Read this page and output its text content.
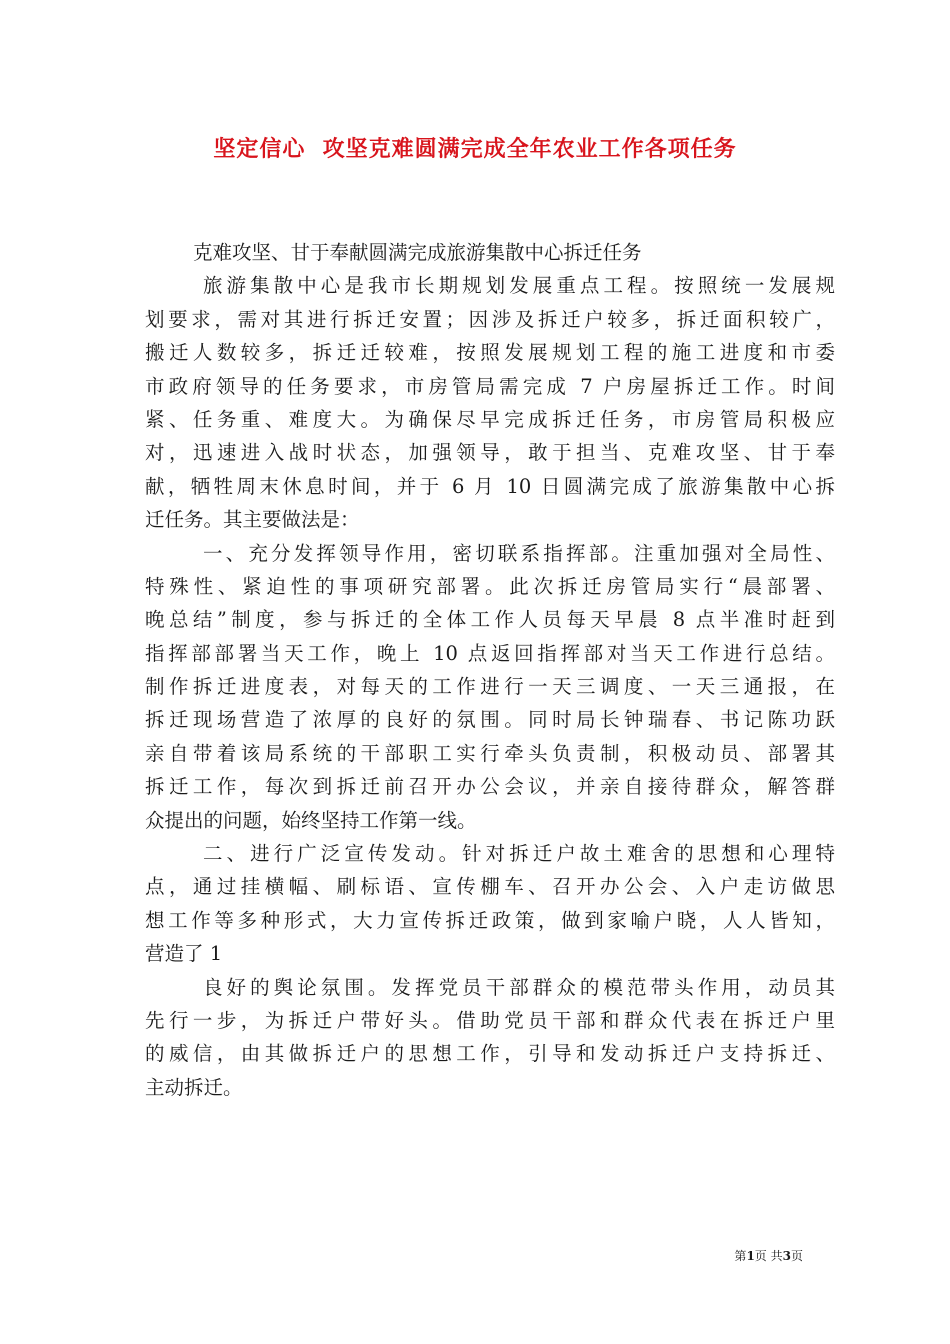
坚定信心  攻坚克难圆满完成全年农业工作各项任务
克难攻坚、甘于奉献圆满完成旅游集散中心拆迁任务
旅游集散中心是我市长期规划发展重点工程。按照统一发展规
划要求，需对其进行拆迁安置；因涉及拆迁户较多，拆迁面积较广，
搬迁人数较多，拆迁迁较难，按照发展规划工程的施工进度和市委
市政府领导的任务要求，市房管局需完成 7 户房屋拆迁工作。时间
紧、任务重、难度大。为确保尽早完成拆迁任务，市房管局积极应
对，迅速进入战时状态，加强领导，敢于担当、克难攻坚、甘于奉
献，牺牲周末休息时间，并于 6 月 10 日圆满完成了旅游集散中心拆
迁任务。其主要做法是：
一、充分发挥领导作用，密切联系指挥部。注重加强对全局性、
特殊性、紧迫性的事项研究部署。此次拆迁房管局实行“晨部署、
晚总结”制度，参与拆迁的全体工作人员每天早晨 8 点半准时赶到
指挥部部署当天工作，晚上 10 点返回指挥部对当天工作进行总结。
制作拆迁进度表，对每天的工作进行一天三调度、一天三通报，在
拆迁现场营造了浓厚的良好的氛围。同时局长钟瑞春、书记陈功跃
亲自带着该局系统的干部职工实行牵头负责制，积极动员、部署其
拆迁工作，每次到拆迁前召开办公会议，并亲自接待群众，解答群
众提出的问题，始终坚持工作第一线。
二、进行广泛宣传发动。针对拆迁户故土难舍的思想和心理特
点，通过挂横幅、刷标语、宣传棚车、召开办公会、入户走访做思
想工作等多种形式，大力宣传拆迁政策，做到家喻户晓，人人皆知，
营造了 1
良好的舆论氛围。发挥党员干部群众的模范带头作用，动员其
先行一步，为拆迁户带好头。借助党员干部和群众代表在拆迁户里
的威信，由其做拆迁户的思想工作，引导和发动拆迁户支持拆迁、
主动拆迁。
第1页 共3页
